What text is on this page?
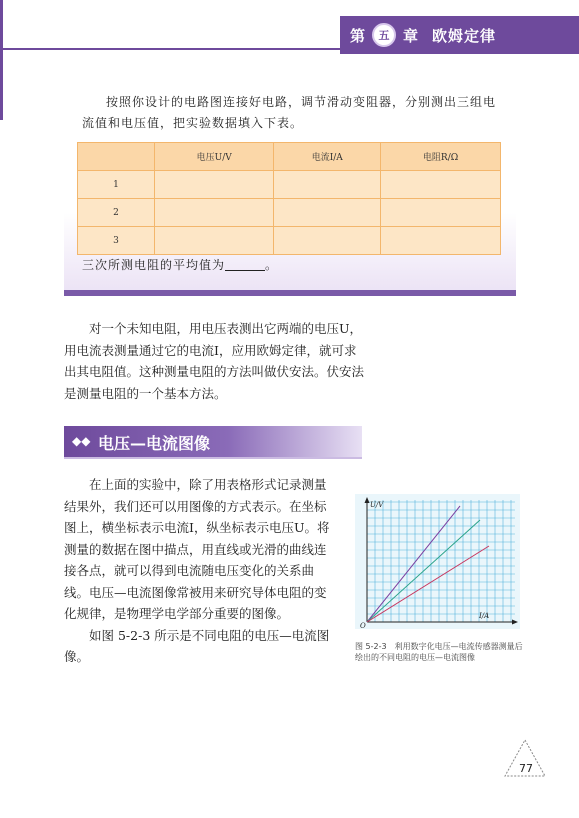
第	五 章 欧姆定律
按照你设计的电路图连接好电路，调节滑动变阻器，分别测出三组电流值和电压值，把实验数据填入下表。
	电压U/V	电流I/A	电阻R/Ω
1			
2			
3			
三次所测电阻的平均值为	。
对一个未知电阻，用电压表测出它两端的电压U，用电流表测量通过它的电流I，应用欧姆定律，就可求出其电阻值。这种测量电阻的方法叫做伏安法。伏安法是测量电阻的一个基本方法。
◆◆ 电压—电流图像

在上面的实验中，除了用表格形式记录测量结果外，我们还可以用图像的方式表示。在坐标图上，横坐标表示电流I，纵坐标表示电压U。将测量的数据在图中描点，用直线或光滑的曲线连接各点，就可以得到电流随电压变化的关系曲线。电压—电流图像常被用来研究导体电阻的变化规律，是物理学电学部分重要的图像。

如图 5-2-3 所示是不同电阻的电压—电流图像。

U/V
I/A
O
图 5-2-3　利用数字化电压—电流传感器测量后绘出的不同电阻的电压—电流图像
77
